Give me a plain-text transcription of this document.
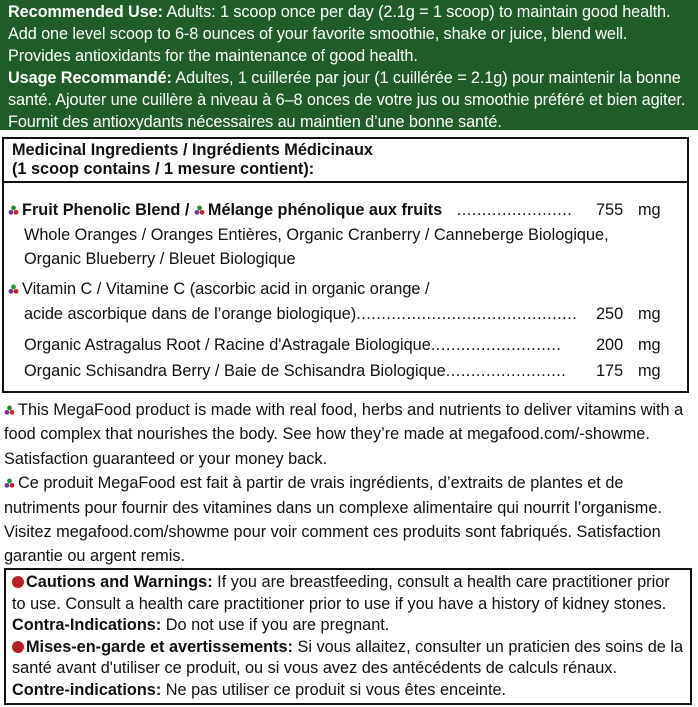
Recommended Use: Adults: 1 scoop once per day (2.1g = 1 scoop) to maintain good health. Add one level scoop to 6-8 ounces of your favorite smoothie, shake or juice, blend well. Provides antioxidants for the maintenance of good health.
Usage Recommandé: Adultes, 1 cuillerée par jour (1 cuillérée = 2.1g) pour maintenir la bonne santé. Ajouter une cuillère à niveau à 6–8 onces de votre jus ou smoothie préféré et bien agiter. Fournit des antioxydants nécessaires au maintien d’une bonne santé.
Medicinal Ingredients / Ingrédients Médicinaux
(1 scoop contains / 1 mesure contient):
Fruit Phenolic Blend / Mélange phénolique aux fruits ....................... 755 mg
Whole Oranges / Oranges Entières, Organic Cranberry / Canneberge Biologique,
Organic Blueberry / Bleuet Biologique
Vitamin C / Vitamine C (ascorbic acid in organic orange /
acide ascorbique dans de l’orange biologique)............................................ 250 mg
Organic Astragalus Root / Racine d'Astragale Biologique.......................... 200 mg
Organic Schisandra Berry / Baie de Schisandra Biologique........................ 175 mg
This MegaFood product is made with real food, herbs and nutrients to deliver vitamins with a food complex that nourishes the body. See how they’re made at megafood.com/-showme. Satisfaction guaranteed or your money back.
Ce produit MegaFood est fait à partir de vrais ingrédients, d’extraits de plantes et de nutriments pour fournir des vitamines dans un complexe alimentaire qui nourrit l’organisme. Visitez megafood.com/showme pour voir comment ces produits sont fabriqués. Satisfaction garantie ou argent remis.
Cautions and Warnings: If you are breastfeeding, consult a health care practitioner prior to use. Consult a health care practitioner prior to use if you have a history of kidney stones. Contra-Indications: Do not use if you are pregnant.
Mises-en-garde et avertissements: Si vous allaitez, consulter un praticien des soins de la santé avant d'utiliser ce produit, ou si vous avez des antécédents de calculs rénaux.
Contre-indications: Ne pas utiliser ce produit si vous êtes enceinte.
